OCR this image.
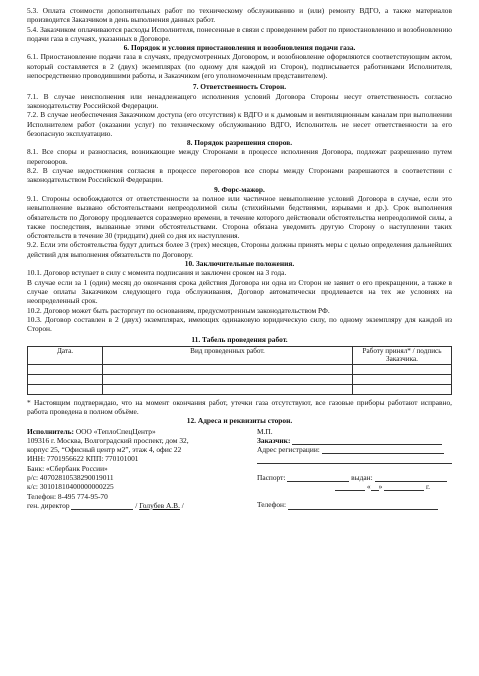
5.3. Оплата стоимости дополнительных работ по техническому обслуживанию и (или) ремонту ВДГО, а также материалов производится Заказчиком в день выполнения данных работ.

5.4. Заказчиком оплачиваются расходы Исполнителя, понесенные в связи с проведением работ по приостановлению и возобновлению подачи газа в случаях, указанных в Договоре.

6. Порядок и условия приостановления и возобновления подачи газа.

6.1. Приостановление подачи газа в случаях, предусмотренных Договором, и возобновление оформляются соответствующим актом, который составляется в 2 (двух) экземплярах (по одному для каждой из Сторон), подписывается работниками Исполнителя, непосредственно проводившими работы, и Заказчиком (его уполномоченным представителем).

7. Ответственность Сторон.

7.1. В случае неисполнения или ненадлежащего исполнения условий Договора Стороны несут ответственность согласно законодательству Российской Федерации.

7.2. В случае необеспечения Заказчиком доступа (его отсутствия) к ВДГО и к дымовым и вентиляционным каналам при выполнении Исполнителем работ (оказании услуг) по техническому обслуживанию ВДГО, Исполнитель не несет ответственности за его безопасную эксплуатацию.

8. Порядок разрешения споров.

8.1. Все споры и разногласия, возникающие между Сторонами в процессе исполнения Договора, подлежат разрешению путем переговоров.

8.2. В случае недостижения согласия в процессе переговоров все споры между Сторонами разрешаются в соответствии с законодательством Российской Федерации.

9. Форс-мажор.

9.1. Стороны освобождаются от ответственности за полное или частичное невыполнение условий Договора в случае, если это невыполнение вызвано обстоятельствами непреодолимой силы (стихийными бедствиями, взрывами и др.). Срок выполнения обязательств по Договору продлевается соразмерно времени, в течение которого действовали обстоятельства непреодолимой силы, а также последствия, вызванные этими обстоятельствами. Сторона обязана уведомить другую Сторону о наступлении таких обстоятельств в течение 30 (тридцати) дней со дня их наступления.

9.2. Если эти обстоятельства будут длиться более 3 (трех) месяцев, Стороны должны принять меры с целью определения дальнейших действий для выполнения обязательств по Договору.

10. Заключительные положения.

10.1. Договор вступает в силу с момента подписания и заключен сроком на 3 года.

В случае если за 1 (один) месяц до окончания срока действия Договора ни одна из Сторон не заявит о его прекращении, а также в случае оплаты Заказчиком следующего года обслуживания, Договор автоматически продлевается на тех же условиях на неопределенный срок.

10.2. Договор может быть расторгнут по основаниям, предусмотренным законодательством РФ.

10.3. Договор составлен в 2 (двух) экземплярах, имеющих одинаковую юридическую силу, по одному экземпляру для каждой из Сторон.

11. Табель проведения работ.
Дата.	Вид проведенных работ.	Работу принял* / подпись Заказчика.

* Настоящим подтверждаю, что на момент окончания работ, утечки газа отсутствуют, все газовые приборы работают исправно, работа проведена в полном объёме.

12. Адреса и реквизиты сторон.
Исполнитель: ООО «ТеплоСпецЦентр»
109316 г. Москва, Волгоградский проспект, дом 32,
корпус 25, “Офисный центр м2”, этаж 4, офис 22
ИНН: 7701956622 КПП: 770101001
Банк: «Сбербанк России»
р/с: 40702810538290019011
к/с: 30101810400000000225
Телефон: 8-495 774-95-70
ген. директор	/ Голубев А.В. /
М.П.
Заказчик:
Адрес регистрации:
Паспорт:	выдан:
« »	г.
Телефон:
